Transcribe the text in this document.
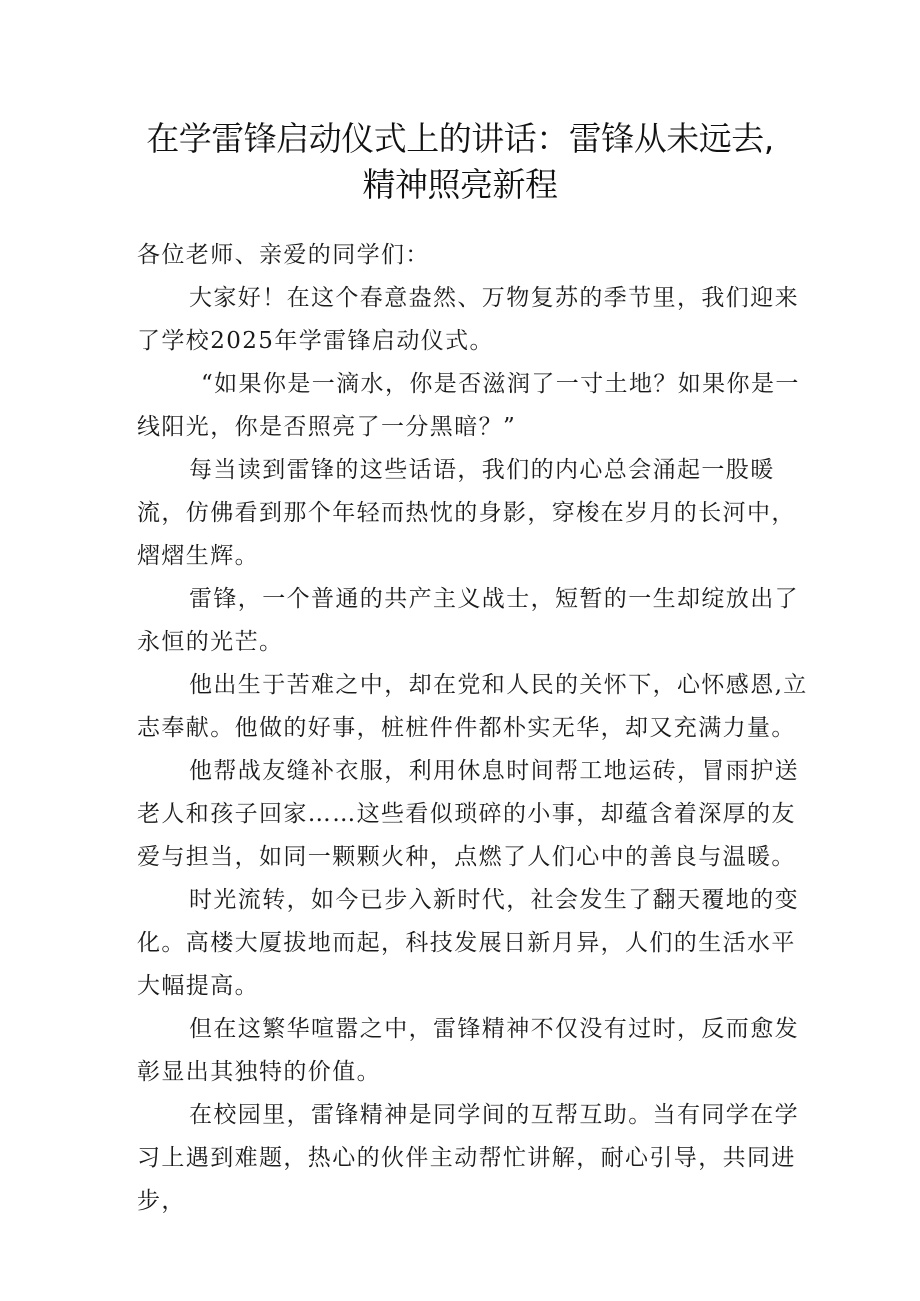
在学雷锋启动仪式上的讲话：雷锋从未远去,
精神照亮新程

各位老师、亲爱的同学们：

大家好！在这个春意盎然、万物复苏的季节里，我们迎来了学校2025年学雷锋启动仪式。

“如果你是一滴水，你是否滋润了一寸土地？如果你是一线阳光，你是否照亮了一分黑暗？”

每当读到雷锋的这些话语，我们的内心总会涌起一股暖流，仿佛看到那个年轻而热忱的身影，穿梭在岁月的长河中，熠熠生辉。

雷锋，一个普通的共产主义战士，短暂的一生却绽放出了永恒的光芒。

他出生于苦难之中，却在党和人民的关怀下，心怀感恩,立志奉献。他做的好事，桩桩件件都朴实无华，却又充满力量。

他帮战友缝补衣服，利用休息时间帮工地运砖，冒雨护送老人和孩子回家……这些看似琐碎的小事，却蕴含着深厚的友爱与担当，如同一颗颗火种，点燃了人们心中的善良与温暖。

时光流转，如今已步入新时代，社会发生了翻天覆地的变化。高楼大厦拔地而起，科技发展日新月异，人们的生活水平大幅提高。

但在这繁华喧嚣之中，雷锋精神不仅没有过时，反而愈发彰显出其独特的价值。

在校园里，雷锋精神是同学间的互帮互助。当有同学在学习上遇到难题，热心的伙伴主动帮忙讲解，耐心引导，共同进步，
